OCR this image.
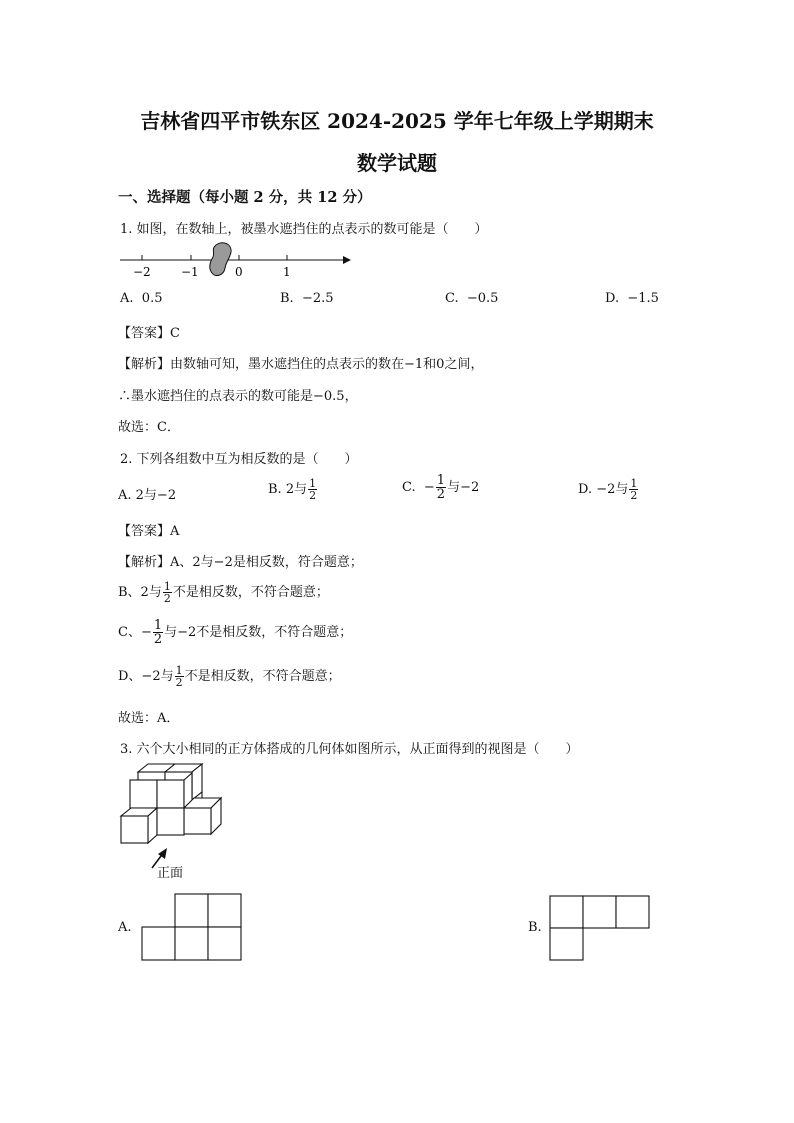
吉林省四平市铁东区 2024-2025 学年七年级上学期期末
数学试题
一、选择题（每小题 2 分，共 12 分）
1. 如图，在数轴上，被墨水遮挡住的点表示的数可能是（　　）
−2	−1	0	1
A. 0.5	B. −2.5	C. −0.5	D. −1.5
【答案】C
【解析】由数轴可知，墨水遮挡住的点表示的数在−1和0之间，
∴墨水遮挡住的点表示的数可能是−0.5，
故选：C．
2. 下列各组数中互为相反数的是（　　）
A. 2与−2	B. 2与 $\frac{1}{2}$	C. − $\frac{1}{2}$ 与−2	D. −2与 $\frac{1}{2}$
【答案】A
【解析】A、2与−2是相反数，符合题意；
B、2与 $\frac{1}{2}$ 不是相反数，不符合题意；
C、− $\frac{1}{2}$ 与−2不是相反数，不符合题意；
D、−2与 $\frac{1}{2}$ 不是相反数，不符合题意；
故选：A．
3. 六个大小相同的正方体搭成的几何体如图所示，从正面得到的视图是（　　）
正面
A.	B.
